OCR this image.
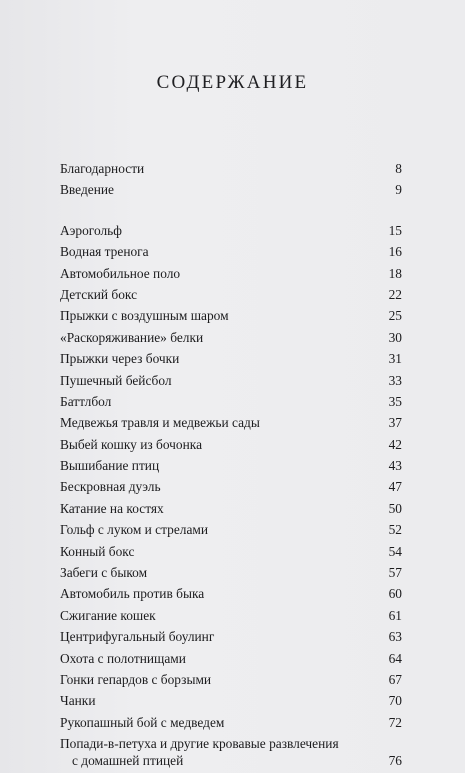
СОДЕРЖАНИЕ
Благодарности	8
Введение	9
Аэрогольф	15
Водная тренога	16
Автомобильное поло	18
Детский бокс	22
Прыжки с воздушным шаром	25
«Раскоряживание» белки	30
Прыжки через бочки	31
Пушечный бейсбол	33
Баттлбол	35
Медвежья травля и медвежьи сады	37
Выбей кошку из бочонка	42
Вышибание птиц	43
Бескровная дуэль	47
Катание на костях	50
Гольф с луком и стрелами	52
Конный бокс	54
Забеги с быком	57
Автомобиль против быка	60
Сжигание кошек	61
Центрифугальный боулинг	63
Охота с полотнищами	64
Гонки гепардов с борзыми	67
Чанки	70
Рукопашный бой с медведем	72
Попади-в-петуха и другие кровавые развлечения
с домашней птицей	76
